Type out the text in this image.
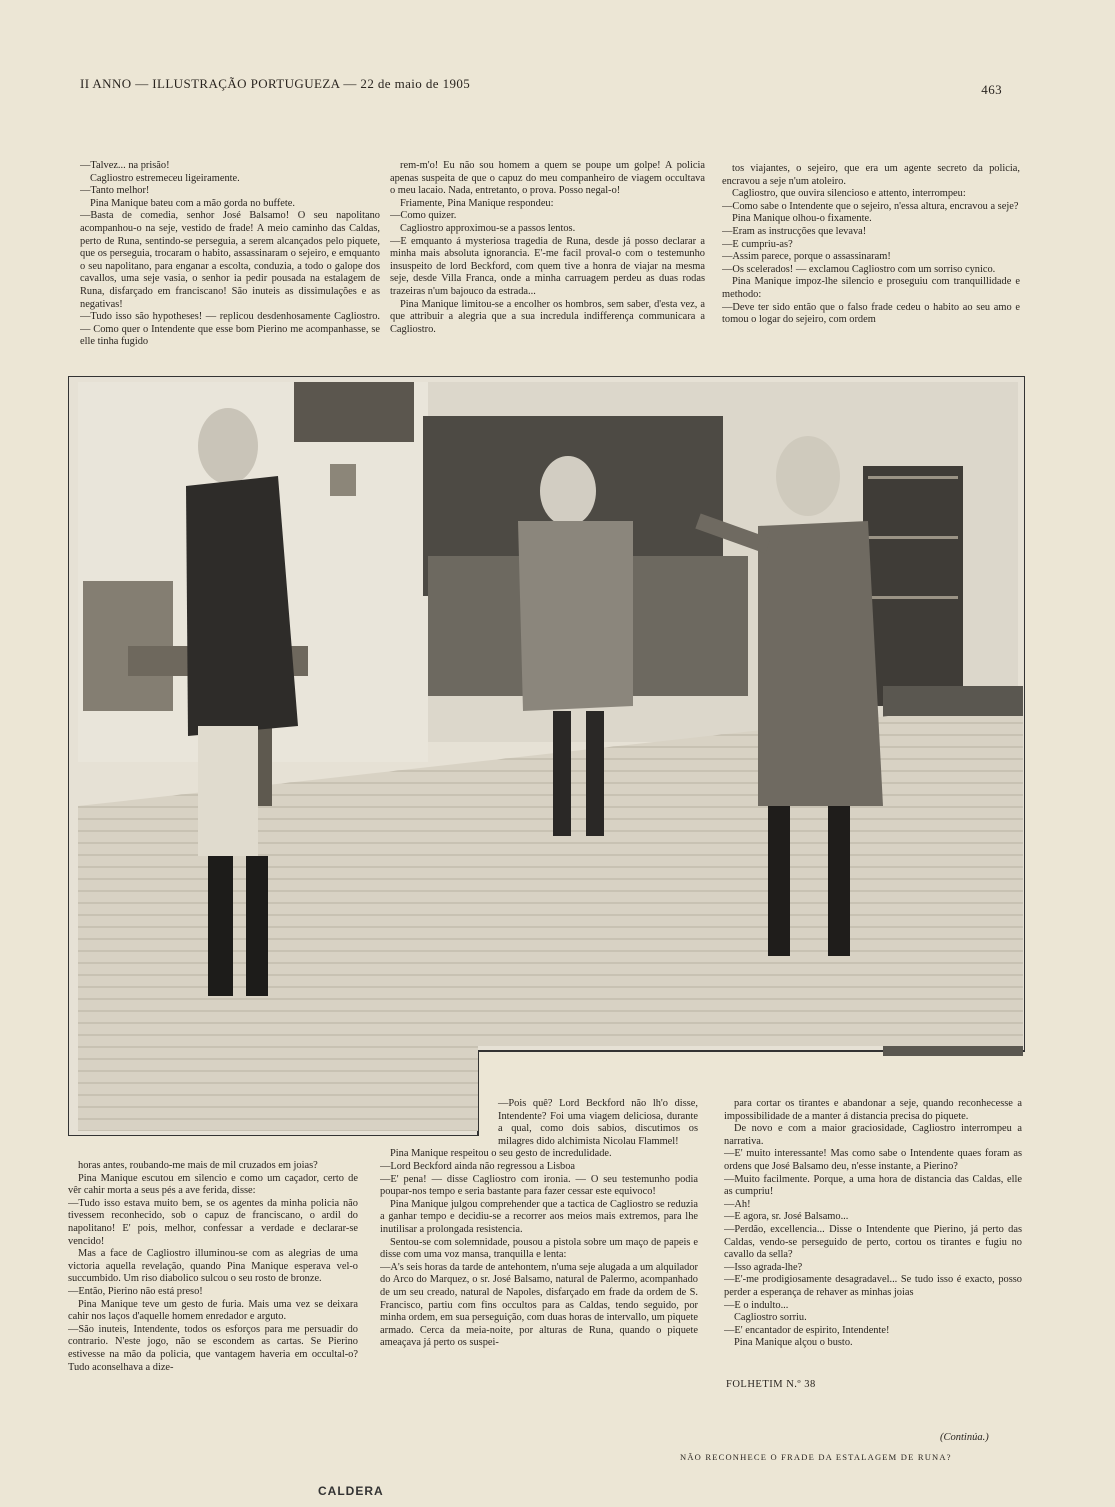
II ANNO — ILLUSTRAÇÃO PORTUGUEZA — 22 de maio de 1905	463

—Talvez... na prisão!

Cagliostro estremeceu ligeiramente.

—Tanto melhor!

Pina Manique bateu com a mão gorda no buffete.

—Basta de comedia, senhor José Balsamo! O seu napolitano acompanhou-o na seje, vestido de frade! A meio caminho das Caldas, perto de Runa, sentindo-se perseguia, a serem alcançados pelo piquete, que os perseguia, trocaram o habito, assassinaram o sejeiro, e emquanto o seu napolitano, para enganar a escolta, conduzia, a todo o galope dos cavallos, uma seje vasia, o senhor ia pedir pousada na estalagem de Runa, disfarçado em franciscano! São inuteis as dissimulações e as negativas!

—Tudo isso são hypotheses! — replicou desdenhosamente Cagliostro. — Como quer o Intendente que esse bom Pierino me acompanhasse, se elle tinha fugido

rem-m'o! Eu não sou homem a quem se poupe um golpe! A policia apenas suspeita de que o capuz do meu companheiro de viagem occultava o meu lacaio. Nada, entretanto, o prova. Posso negal-o!

Friamente, Pina Manique respondeu:

—Como quizer.

Cagliostro approximou-se a passos lentos.

—E emquanto á mysteriosa tragedia de Runa, desde já posso declarar a minha mais absoluta ignorancia. E'-me facil proval-o com o testemunho insuspeito de lord Beckford, com quem tive a honra de viajar na mesma seje, desde Villa Franca, onde a minha carruagem perdeu as duas rodas trazeiras n'um bajouco da estrada...

Pina Manique limitou-se a encolher os hombros, sem saber, d'esta vez, a que attribuir a alegria que a sua incredula indifferença communicara a Cagliostro.

tos viajantes, o sejeiro, que era um agente secreto da policia, encravou a seje n'um atoleiro.

Cagliostro, que ouvira silencioso e attento, interrompeu:

—Como sabe o Intendente que o sejeiro, n'essa altura, encravou a seje?

Pina Manique olhou-o fixamente.

—Eram as instrucções que levava!

—E cumpriu-as?

—Assim parece, porque o assassinaram!

—Os scelerados! — exclamou Cagliostro com um sorriso cynico.

Pina Manique impoz-lhe silencio e proseguiu com tranquillidade e methodo:

—Deve ter sido então que o falso frade cedeu o habito ao seu amo e tomou o logar do sejeiro, com ordem

CALDERA
NÃO RECONHECE O FRADE DA ESTALAGEM DE RUNA?

horas antes, roubando-me mais de mil cruzados em joias?

Pina Manique escutou em silencio e como um caçador, certo de vêr cahir morta a seus pés a ave ferida, disse:

—Tudo isso estava muito bem, se os agentes da minha policia não tivessem reconhecido, sob o capuz de franciscano, o ardil do napolitano! E' pois, melhor, confessar a verdade e declarar-se vencido!

Mas a face de Cagliostro illuminou-se com as alegrias de uma victoria aquella revelação, quando Pina Manique esperava vel-o succumbido. Um riso diabolico sulcou o seu rosto de bronze.

—Então, Pierino não está preso!

Pina Manique teve um gesto de furia. Mais uma vez se deixara cahir nos laços d'aquelle homem enredador e arguto.

—São inuteis, Intendente, todos os esforços para me persuadir do contrario. N'este jogo, não se escondem as cartas. Se Pierino estivesse na mão da policia, que vantagem haveria em occultal-o? Tudo aconselhava a dize-

—Pois quê? Lord Beckford não lh'o disse, Intendente? Foi uma viagem deliciosa, durante a qual, como dois sabios, discutimos os milagres dido alchimista Nicolau Flammel!

Pina Manique respeitou o seu gesto de incredulidade.

—Lord Beckford ainda não regressou a Lisboa

—E' pena! — disse Cagliostro com ironia. — O seu testemunho podia poupar-nos tempo e seria bastante para fazer cessar este equivoco!

Pina Manique julgou comprehender que a tactica de Cagliostro se reduzia a ganhar tempo e decidiu-se a recorrer aos meios mais extremos, para lhe inutilisar a prolongada resistencia.

Sentou-se com solemnidade, pousou a pistola sobre um maço de papeis e disse com uma voz mansa, tranquilla e lenta:

—A's seis horas da tarde de antehontem, n'uma seje alugada a um alquilador do Arco do Marquez, o sr. José Balsamo, natural de Palermo, acompanhado de um seu creado, natural de Napoles, disfarçado em frade da ordem de S. Francisco, partiu com fins occultos para as Caldas, tendo seguido, por minha ordem, em sua perseguição, com duas horas de intervallo, um piquete armado. Cerca da meia-noite, por alturas de Runa, quando o piquete ameaçava já perto os suspei-

para cortar os tirantes e abandonar a seje, quando reconhecesse a impossibilidade de a manter á distancia precisa do piquete.

De novo e com a maior graciosidade, Cagliostro interrompeu a narrativa.

—E' muito interessante! Mas como sabe o Intendente quaes foram as ordens que José Balsamo deu, n'esse instante, a Pierino?

—Muito facilmente. Porque, a uma hora de distancia das Caldas, elle as cumpriu!

—Ah!

—E agora, sr. José Balsamo...

—Perdão, excellencia... Disse o Intendente que Pierino, já perto das Caldas, vendo-se perseguido de perto, cortou os tirantes e fugiu no cavallo da sella?

—Isso agrada-lhe?

—E'-me prodigiosamente desagradavel... Se tudo isso é exacto, posso perder a esperança de rehaver as minhas joias

—E o indulto...

Cagliostro sorriu.

—E' encantador de espirito, Intendente!

Pina Manique alçou o busto.

FOLHETIM N.º 38
(Continúa.)
